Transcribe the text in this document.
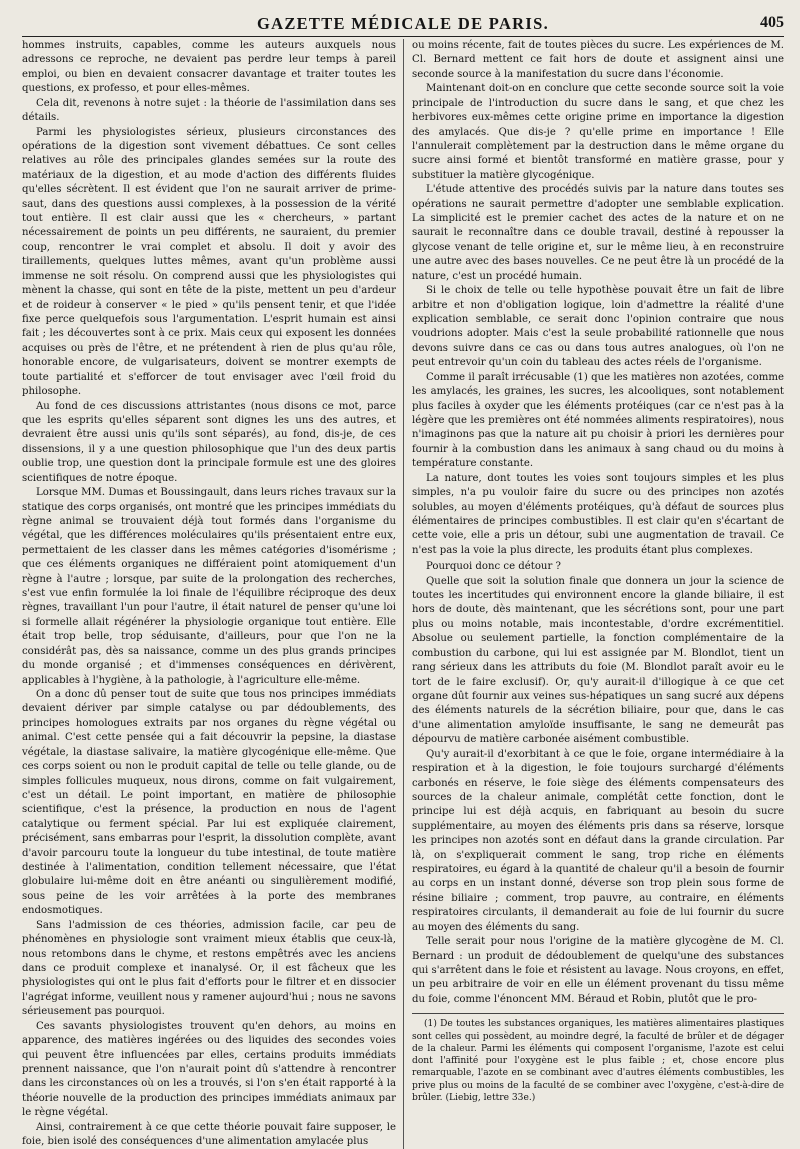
GAZETTE MÉDICALE DE PARIS.	405

hommes instruits, capables, comme les auteurs auxquels nous adressons ce reproche, ne devaient pas perdre leur temps à pareil emploi, ou bien en devaient consacrer davantage et traiter toutes les questions, ex professo, et pour elles-mêmes.

Cela dit, revenons à notre sujet : la théorie de l'assimilation dans ses détails.

Parmi les physiologistes sérieux, plusieurs circonstances des opérations de la digestion sont vivement débattues. Ce sont celles relatives au rôle des principales glandes semées sur la route des matériaux de la digestion, et au mode d'action des différents fluides qu'elles sécrètent. Il est évident que l'on ne saurait arriver de prime-saut, dans des questions aussi complexes, à la possession de la vérité tout entière. Il est clair aussi que les « chercheurs, » partant nécessairement de points un peu différents, ne sauraient, du premier coup, rencontrer le vrai complet et absolu. Il doit y avoir des tiraillements, quelques luttes mêmes, avant qu'un problème aussi immense ne soit résolu. On comprend aussi que les physiologistes qui mènent la chasse, qui sont en tête de la piste, mettent un peu d'ardeur et de roideur à conserver « le pied » qu'ils pensent tenir, et que l'idée fixe perce quelquefois sous l'argumentation. L'esprit humain est ainsi fait ; les découvertes sont à ce prix. Mais ceux qui exposent les données acquises ou près de l'être, et ne prétendent à rien de plus qu'au rôle, honorable encore, de vulgarisateurs, doivent se montrer exempts de toute partialité et s'efforcer de tout envisager avec l'œil froid du philosophe.

Au fond de ces discussions attristantes (nous disons ce mot, parce que les esprits qu'elles séparent sont dignes les uns des autres, et devraient être aussi unis qu'ils sont séparés), au fond, dis-je, de ces dissensions, il y a une question philosophique que l'un des deux partis oublie trop, une question dont la principale formule est une des gloires scientifiques de notre époque.

Lorsque MM. Dumas et Boussingault, dans leurs riches travaux sur la statique des corps organisés, ont montré que les principes immédiats du règne animal se trouvaient déjà tout formés dans l'organisme du végétal, que les différences moléculaires qu'ils présentaient entre eux, permettaient de les classer dans les mêmes catégories d'isomérisme ; que ces éléments organiques ne différaient point atomiquement d'un règne à l'autre ; lorsque, par suite de la prolongation des recherches, s'est vue enfin formulée la loi finale de l'équilibre réciproque des deux règnes, travaillant l'un pour l'autre, il était naturel de penser qu'une loi si formelle allait régénérer la physiologie organique tout entière. Elle était trop belle, trop séduisante, d'ailleurs, pour que l'on ne la considérât pas, dès sa naissance, comme un des plus grands principes du monde organisé ; et d'immenses conséquences en dérivèrent, applicables à l'hygiène, à la pathologie, à l'agriculture elle-même.

On a donc dû penser tout de suite que tous nos principes immédiats devaient dériver par simple catalyse ou par dédoublements, des principes homologues extraits par nos organes du règne végétal ou animal. C'est cette pensée qui a fait découvrir la pepsine, la diastase végétale, la diastase salivaire, la matière glycogénique elle-même. Que ces corps soient ou non le produit capital de telle ou telle glande, ou de simples follicules muqueux, nous dirons, comme on fait vulgairement, c'est un détail. Le point important, en matière de philosophie scientifique, c'est la présence, la production en nous de l'agent catalytique ou ferment spécial. Par lui est expliquée clairement, précisément, sans embarras pour l'esprit, la dissolution complète, avant d'avoir parcouru toute la longueur du tube intestinal, de toute matière destinée à l'alimentation, condition tellement nécessaire, que l'état globulaire lui-même doit en être anéanti ou singulièrement modifié, sous peine de les voir arrêtées à la porte des membranes endosmotiques.

Sans l'admission de ces théories, admission facile, car peu de phénomènes en physiologie sont vraiment mieux établis que ceux-là, nous retombons dans le chyme, et restons empêtrés avec les anciens dans ce produit complexe et inanalysé. Or, il est fâcheux que les physiologistes qui ont le plus fait d'efforts pour le filtrer et en dissocier l'agrégat informe, veuillent nous y ramener aujourd'hui ; nous ne savons sérieusement pas pourquoi.

Ces savants physiologistes trouvent qu'en dehors, au moins en apparence, des matières ingérées ou des liquides des secondes voies qui peuvent être influencées par elles, certains produits immédiats prennent naissance, que l'on n'aurait point dû s'attendre à rencontrer dans les circonstances où on les a trouvés, si l'on s'en était rapporté à la théorie nouvelle de la production des principes immédiats animaux par le règne végétal.

Ainsi, contrairement à ce que cette théorie pouvait faire supposer, le foie, bien isolé des conséquences d'une alimentation amylacée plus

ou moins récente, fait de toutes pièces du sucre. Les expériences de M. Cl. Bernard mettent ce fait hors de doute et assignent ainsi une seconde source à la manifestation du sucre dans l'économie.

Maintenant doit-on en conclure que cette seconde source soit la voie principale de l'introduction du sucre dans le sang, et que chez les herbivores eux-mêmes cette origine prime en importance la digestion des amylacés. Que dis-je ? qu'elle prime en importance ! Elle l'annulerait complètement par la destruction dans le même organe du sucre ainsi formé et bientôt transformé en matière grasse, pour y substituer la matière glycogénique.

L'étude attentive des procédés suivis par la nature dans toutes ses opérations ne saurait permettre d'adopter une semblable explication. La simplicité est le premier cachet des actes de la nature et on ne saurait le reconnaître dans ce double travail, destiné à repousser la glycose venant de telle origine et, sur le même lieu, à en reconstruire une autre avec des bases nouvelles. Ce ne peut être là un procédé de la nature, c'est un procédé humain.

Si le choix de telle ou telle hypothèse pouvait être un fait de libre arbitre et non d'obligation logique, loin d'admettre la réalité d'une explication semblable, ce serait donc l'opinion contraire que nous voudrions adopter. Mais c'est la seule probabilité rationnelle que nous devons suivre dans ce cas ou dans tous autres analogues, où l'on ne peut entrevoir qu'un coin du tableau des actes réels de l'organisme.

Comme il paraît irrécusable (1) que les matières non azotées, comme les amylacés, les graines, les sucres, les alcooliques, sont notablement plus faciles à oxyder que les éléments protéiques (car ce n'est pas à la légère que les premières ont été nommées aliments respiratoires), nous n'imaginons pas que la nature ait pu choisir à priori les dernières pour fournir à la combustion dans les animaux à sang chaud ou du moins à température constante.

La nature, dont toutes les voies sont toujours simples et les plus simples, n'a pu vouloir faire du sucre ou des principes non azotés solubles, au moyen d'éléments protéiques, qu'à défaut de sources plus élémentaires de principes combustibles. Il est clair qu'en s'écartant de cette voie, elle a pris un détour, subi une augmentation de travail. Ce n'est pas la voie la plus directe, les produits étant plus complexes.

Pourquoi donc ce détour ?

Quelle que soit la solution finale que donnera un jour la science de toutes les incertitudes qui environnent encore la glande biliaire, il est hors de doute, dès maintenant, que les sécrétions sont, pour une part plus ou moins notable, mais incontestable, d'ordre excrémentitiel. Absolue ou seulement partielle, la fonction complémentaire de la combustion du carbone, qui lui est assignée par M. Blondlot, tient un rang sérieux dans les attributs du foie (M. Blondlot paraît avoir eu le tort de le faire exclusif). Or, qu'y aurait-il d'illogique à ce que cet organe dût fournir aux veines sus-hépatiques un sang sucré aux dépens des éléments naturels de la sécrétion biliaire, pour que, dans le cas d'une alimentation amyloïde insuffisante, le sang ne demeurât pas dépourvu de matière carbonée aisément combustible.

Qu'y aurait-il d'exorbitant à ce que le foie, organe intermédiaire à la respiration et à la digestion, le foie toujours surchargé d'éléments carbonés en réserve, le foie siège des éléments compensateurs des sources de la chaleur animale, complétât cette fonction, dont le principe lui est déjà acquis, en fabriquant au besoin du sucre supplémentaire, au moyen des éléments pris dans sa réserve, lorsque les principes non azotés sont en défaut dans la grande circulation. Par là, on s'expliquerait comment le sang, trop riche en éléments respiratoires, eu égard à la quantité de chaleur qu'il a besoin de fournir au corps en un instant donné, déverse son trop plein sous forme de résine biliaire ; comment, trop pauvre, au contraire, en éléments respiratoires circulants, il demanderait au foie de lui fournir du sucre au moyen des éléments du sang.

Telle serait pour nous l'origine de la matière glycogène de M. Cl. Bernard : un produit de dédoublement de quelqu'une des substances qui s'arrêtent dans le foie et résistent au lavage. Nous croyons, en effet, un peu arbitraire de voir en elle un élément provenant du tissu même du foie, comme l'énoncent MM. Béraud et Robin, plutôt que le pro-

(1) De toutes les substances organiques, les matières alimentaires plastiques sont celles qui possèdent, au moindre degré, la faculté de brûler et de dégager de la chaleur. Parmi les éléments qui composent l'organisme, l'azote est celui dont l'affinité pour l'oxygène est le plus faible ; et, chose encore plus remarquable, l'azote en se combinant avec d'autres éléments combustibles, les prive plus ou moins de la faculté de se combiner avec l'oxygène, c'est-à-dire de brûler. (Liebig, lettre 33e.)
